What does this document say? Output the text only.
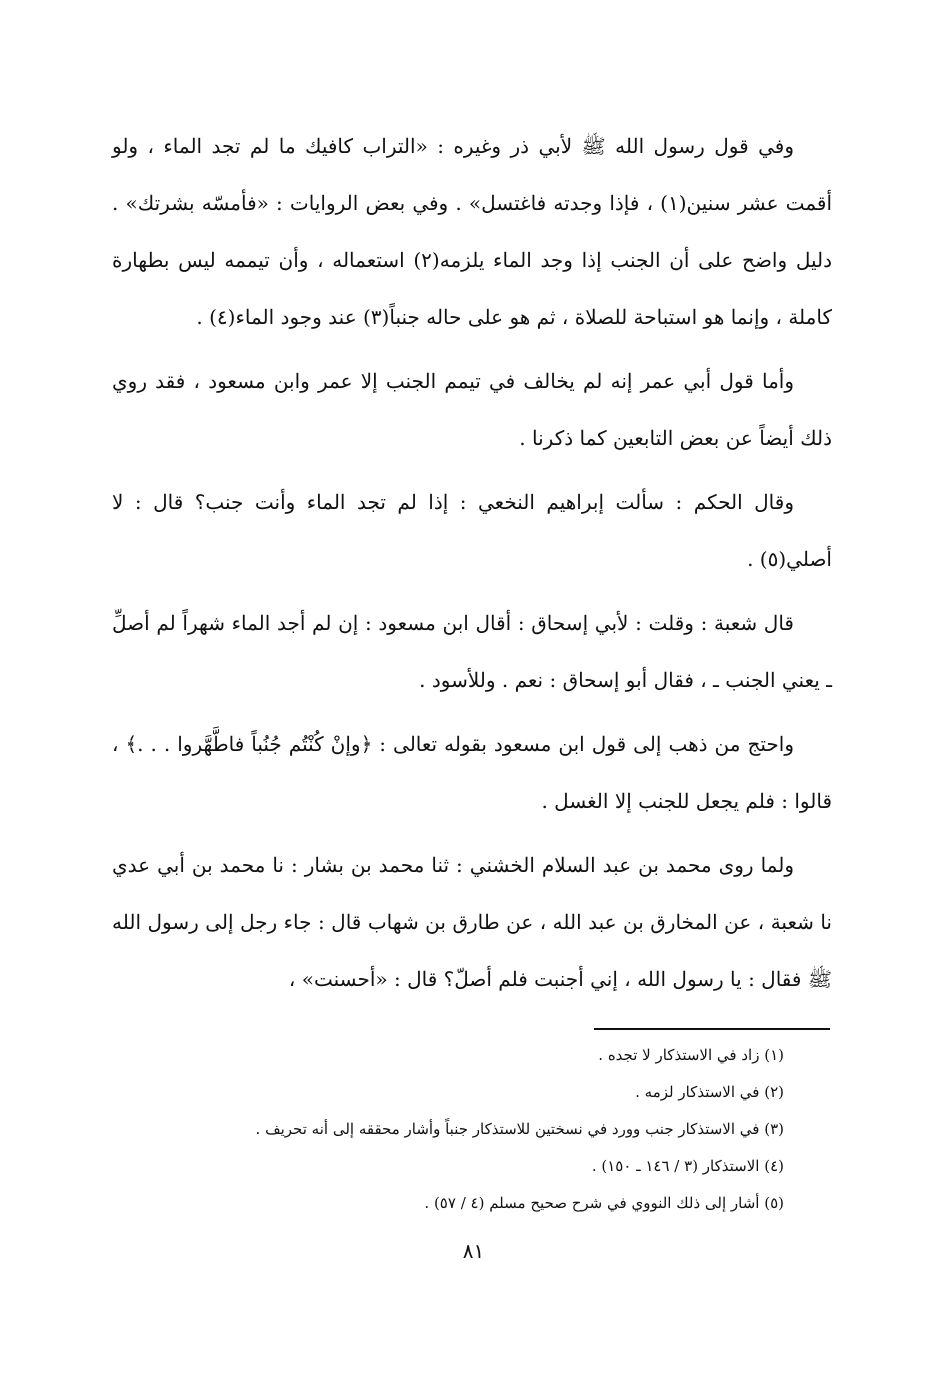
وفي قول رسول الله ﷺ لأبي ذر وغيره : «التراب كافيك ما لم تجد الماء ، ولو أقمت عشر سنين(١) ، فإذا وجدته فاغتسل» . وفي بعض الروايات : «فأمسّه بشرتك» . دليل واضح على أن الجنب إذا وجد الماء يلزمه(٢) استعماله ، وأن تيممه ليس بطهارة كاملة ، وإنما هو استباحة للصلاة ، ثم هو على حاله جنباً(٣) عند وجود الماء(٤) .

وأما قول أبي عمر إنه لم يخالف في تيمم الجنب إلا عمر وابن مسعود ، فقد روي ذلك أيضاً عن بعض التابعين كما ذكرنا .

وقال الحكم : سألت إبراهيم النخعي : إذا لم تجد الماء وأنت جنب؟ قال : لا أصلي(٥) .

قال شعبة : وقلت : لأبي إسحاق : أقال ابن مسعود : إن لم أجد الماء شهراً لم أصلِّ ـ يعني الجنب ـ ، فقال أبو إسحاق : نعم . وللأسود .

واحتج من ذهب إلى قول ابن مسعود بقوله تعالى : ﴿وإنْ كُنْتُم جُنُباً فاطَّهَّروا . . .﴾ ، قالوا : فلم يجعل للجنب إلا الغسل .

ولما روى محمد بن عبد السلام الخشني : ثنا محمد بن بشار : نا محمد بن أبي عدي نا شعبة ، عن المخارق بن عبد الله ، عن طارق بن شهاب قال : جاء رجل إلى رسول الله ﷺ فقال : يا رسول الله ، إني أجنبت فلم أصلّ؟ قال : «أحسنت» ،

(١) زاد في الاستذكار لا تجده .
(٢) في الاستذكار لزمه .
(٣) في الاستذكار جنب وورد في نسختين للاستذكار جنباً وأشار محققه إلى أنه تحريف .
(٤) الاستذكار (٣ / ١٤٦ ـ ١٥٠) .
(٥) أشار إلى ذلك النووي في شرح صحيح مسلم (٤ / ٥٧) .
٨١
